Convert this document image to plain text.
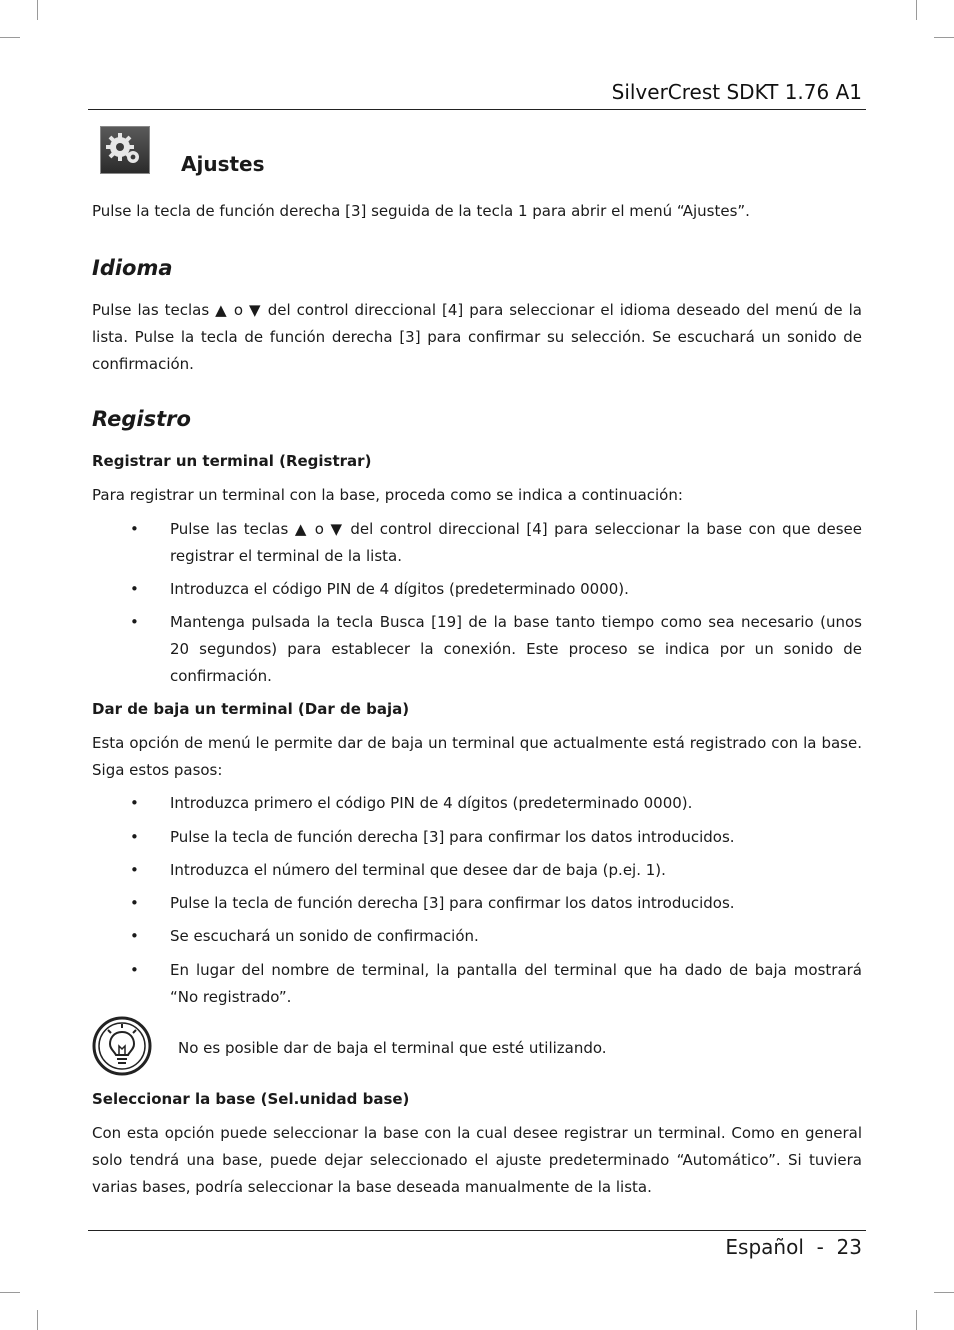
SilverCrest SDKT 1.76 A1
Ajustes

Pulse la tecla de función derecha [3] seguida de la tecla 1 para abrir el menú “Ajustes”.

Idioma

Pulse las teclas ▲ o ▼ del control direccional [4] para seleccionar el idioma deseado del menú de la lista. Pulse la tecla de función derecha [3] para confirmar su selección. Se escuchará un sonido de confirmación.

Registro
Registrar un terminal (Registrar)

Para registrar un terminal con la base, proceda como se indica a continuación:

• Pulse las teclas ▲ o ▼ del control direccional [4] para seleccionar la base con que desee registrar el terminal de la lista.
• Introduzca el código PIN de 4 dígitos (predeterminado 0000).
• Mantenga pulsada la tecla Busca [19] de la base tanto tiempo como sea necesario (unos 20 segundos) para establecer la conexión. Este proceso se indica por un sonido de confirmación.
Dar de baja un terminal (Dar de baja)

Esta opción de menú le permite dar de baja un terminal que actualmente está registrado con la base. Siga estos pasos:

• Introduzca primero el código PIN de 4 dígitos (predeterminado 0000).
• Pulse la tecla de función derecha [3] para confirmar los datos introducidos.
• Introduzca el número del terminal que desee dar de baja (p.ej. 1).
• Pulse la tecla de función derecha [3] para confirmar los datos introducidos.
• Se escuchará un sonido de confirmación.
• En lugar del nombre de terminal, la pantalla del terminal que ha dado de baja mostrará “No registrado”.
No es posible dar de baja el terminal que esté utilizando.
Seleccionar la base (Sel.unidad base)

Con esta opción puede seleccionar la base con la cual desee registrar un terminal. Como en general solo tendrá una base, puede dejar seleccionado el ajuste predeterminado “Automático”. Si tuviera varias bases, podría seleccionar la base deseada manualmente de la lista.

Español  -  23
